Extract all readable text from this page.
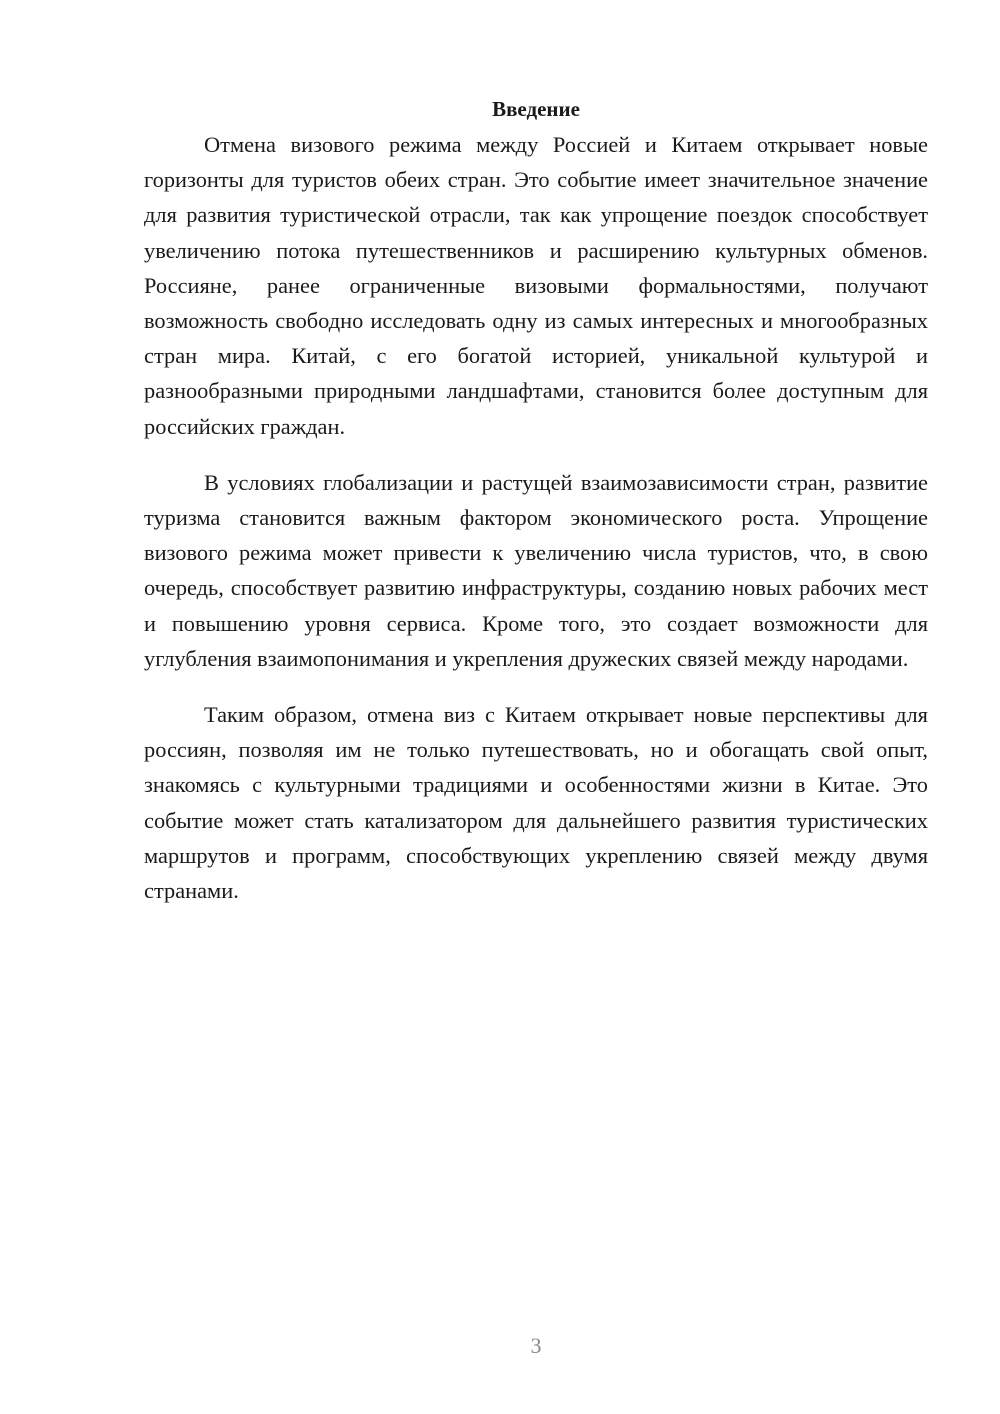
Введение

Отмена визового режима между Россией и Китаем открывает новые горизонты для туристов обеих стран. Это событие имеет значительное значение для развития туристической отрасли, так как упрощение поездок способствует увеличению потока путешественников и расширению культурных обменов. Россияне, ранее ограниченные визовыми формальностями, получают возможность свободно исследовать одну из самых интересных и многообразных стран мира. Китай, с его богатой историей, уникальной культурой и разнообразными природными ландшафтами, становится более доступным для российских граждан.

В условиях глобализации и растущей взаимозависимости стран, развитие туризма становится важным фактором экономического роста. Упрощение визового режима может привести к увеличению числа туристов, что, в свою очередь, способствует развитию инфраструктуры, созданию новых рабочих мест и повышению уровня сервиса. Кроме того, это создает возможности для углубления взаимопонимания и укрепления дружеских связей между народами.

Таким образом, отмена виз с Китаем открывает новые перспективы для россиян, позволяя им не только путешествовать, но и обогащать свой опыт, знакомясь с культурными традициями и особенностями жизни в Китае. Это событие может стать катализатором для дальнейшего развития туристических маршрутов и программ, способствующих укреплению связей между двумя странами.

3
